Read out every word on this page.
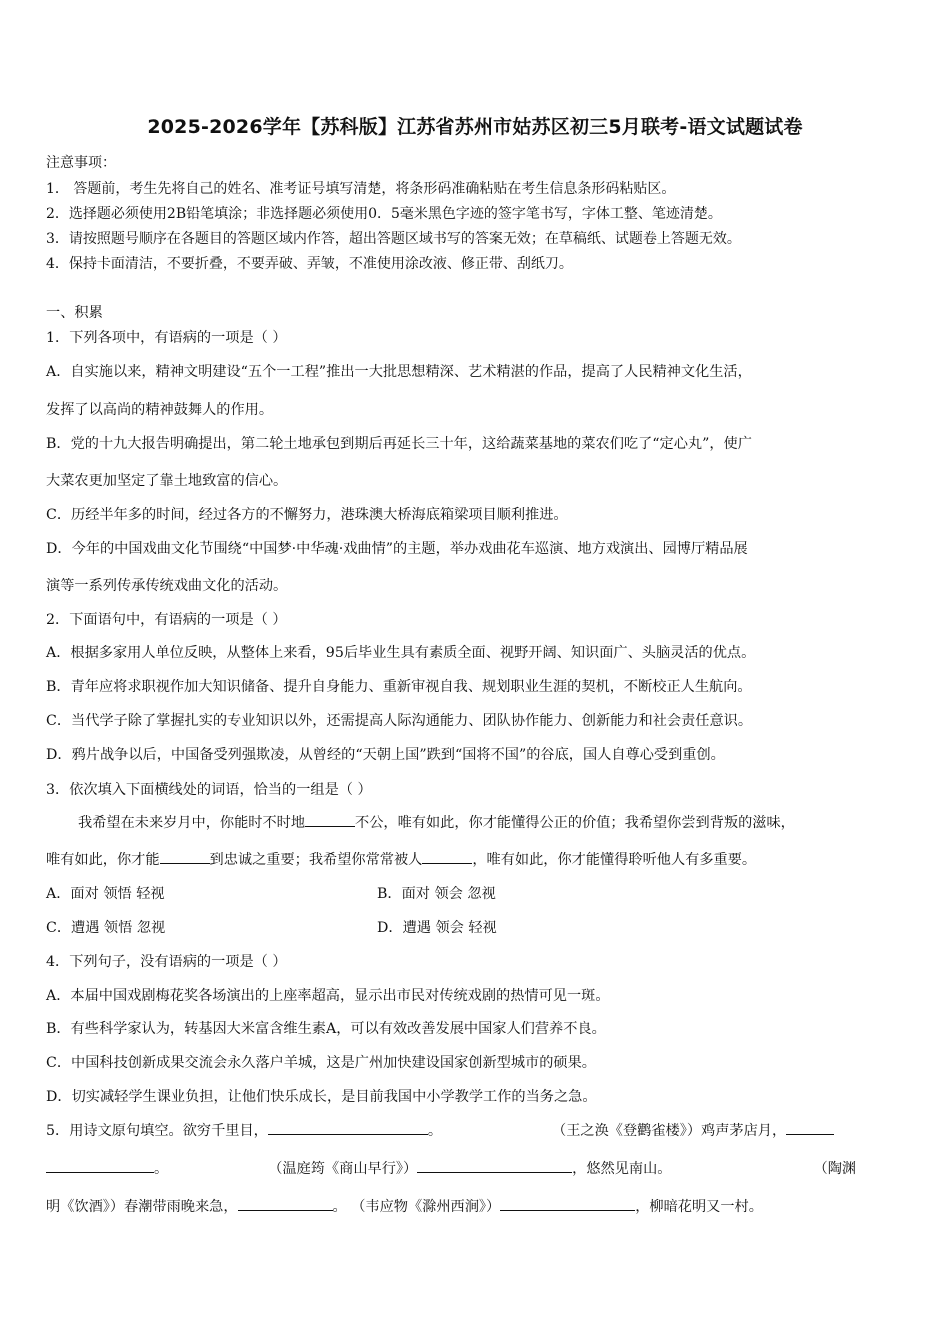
2025-2026学年【苏科版】江苏省苏州市姑苏区初三5月联考-语文试题试卷
注意事项：
1． 答题前，考生先将自己的姓名、准考证号填写清楚，将条形码准确粘贴在考生信息条形码粘贴区。
2．选择题必须使用2B铅笔填涂；非选择题必须使用0．5毫米黑色字迹的签字笔书写，字体工整、笔迹清楚。
3．请按照题号顺序在各题目的答题区域内作答，超出答题区域书写的答案无效；在草稿纸、试题卷上答题无效。
4．保持卡面清洁，不要折叠，不要弄破、弄皱，不准使用涂改液、修正带、刮纸刀。
一、积累
1．下列各项中，有语病的一项是（ ）
A．自实施以来，精神文明建设“五个一工程”推出一大批思想精深、艺术精湛的作品，提高了人民精神文化生活，
发挥了以高尚的精神鼓舞人的作用。
B．党的十九大报告明确提出，第二轮土地承包到期后再延长三十年，这给蔬菜基地的菜农们吃了“定心丸”，使广
大菜农更加坚定了靠土地致富的信心。
C．历经半年多的时间，经过各方的不懈努力，港珠澳大桥海底箱梁项目顺利推进。
D．今年的中国戏曲文化节围绕“中国梦·中华魂·戏曲情”的主题，举办戏曲花车巡演、地方戏演出、园博厅精品展
演等一系列传承传统戏曲文化的活动。
2．下面语句中，有语病的一项是（ ）
A．根据多家用人单位反映，从整体上来看，95后毕业生具有素质全面、视野开阔、知识面广、头脑灵活的优点。
B．青年应将求职视作加大知识储备、提升自身能力、重新审视自我、规划职业生涯的契机，不断校正人生航向。
C．当代学子除了掌握扎实的专业知识以外，还需提高人际沟通能力、团队协作能力、创新能力和社会责任意识。
D．鸦片战争以后，中国备受列强欺凌，从曾经的“天朝上国”跌到“国将不国”的谷底，国人自尊心受到重创。
3．依次填入下面横线处的词语，恰当的一组是（ ）
我希望在未来岁月中，你能时不时地	不公，唯有如此，你才能懂得公正的价值；我希望你尝到背叛的滋味，
唯有如此，你才能	到忠诚之重要；我希望你常常被人	，唯有如此，你才能懂得聆听他人有多重要。
A．面对 领悟 轻视	B．面对 领会 忽视
C．遭遇 领悟 忽视	D．遭遇 领会 轻视
4．下列句子，没有语病的一项是（ ）
A．本届中国戏剧梅花奖各场演出的上座率超高，显示出市民对传统戏剧的热情可见一斑。
B．有些科学家认为，转基因大米富含维生素A，可以有效改善发展中国家人们营养不良。
C．中国科技创新成果交流会永久落户羊城，这是广州加快建设国家创新型城市的硕果。
D．切实减轻学生课业负担，让他们快乐成长，是目前我国中小学教学工作的当务之急。
5．用诗文原句填空。欲穷千里目，	。	（王之涣《登鹳雀楼》）鸡声茅店月，
。	（温庭筠《商山早行》）	，悠然见南山。	（陶渊
明《饮酒》）春潮带雨晚来急，	。 （韦应物《滁州西涧》）	，柳暗花明又一村。
